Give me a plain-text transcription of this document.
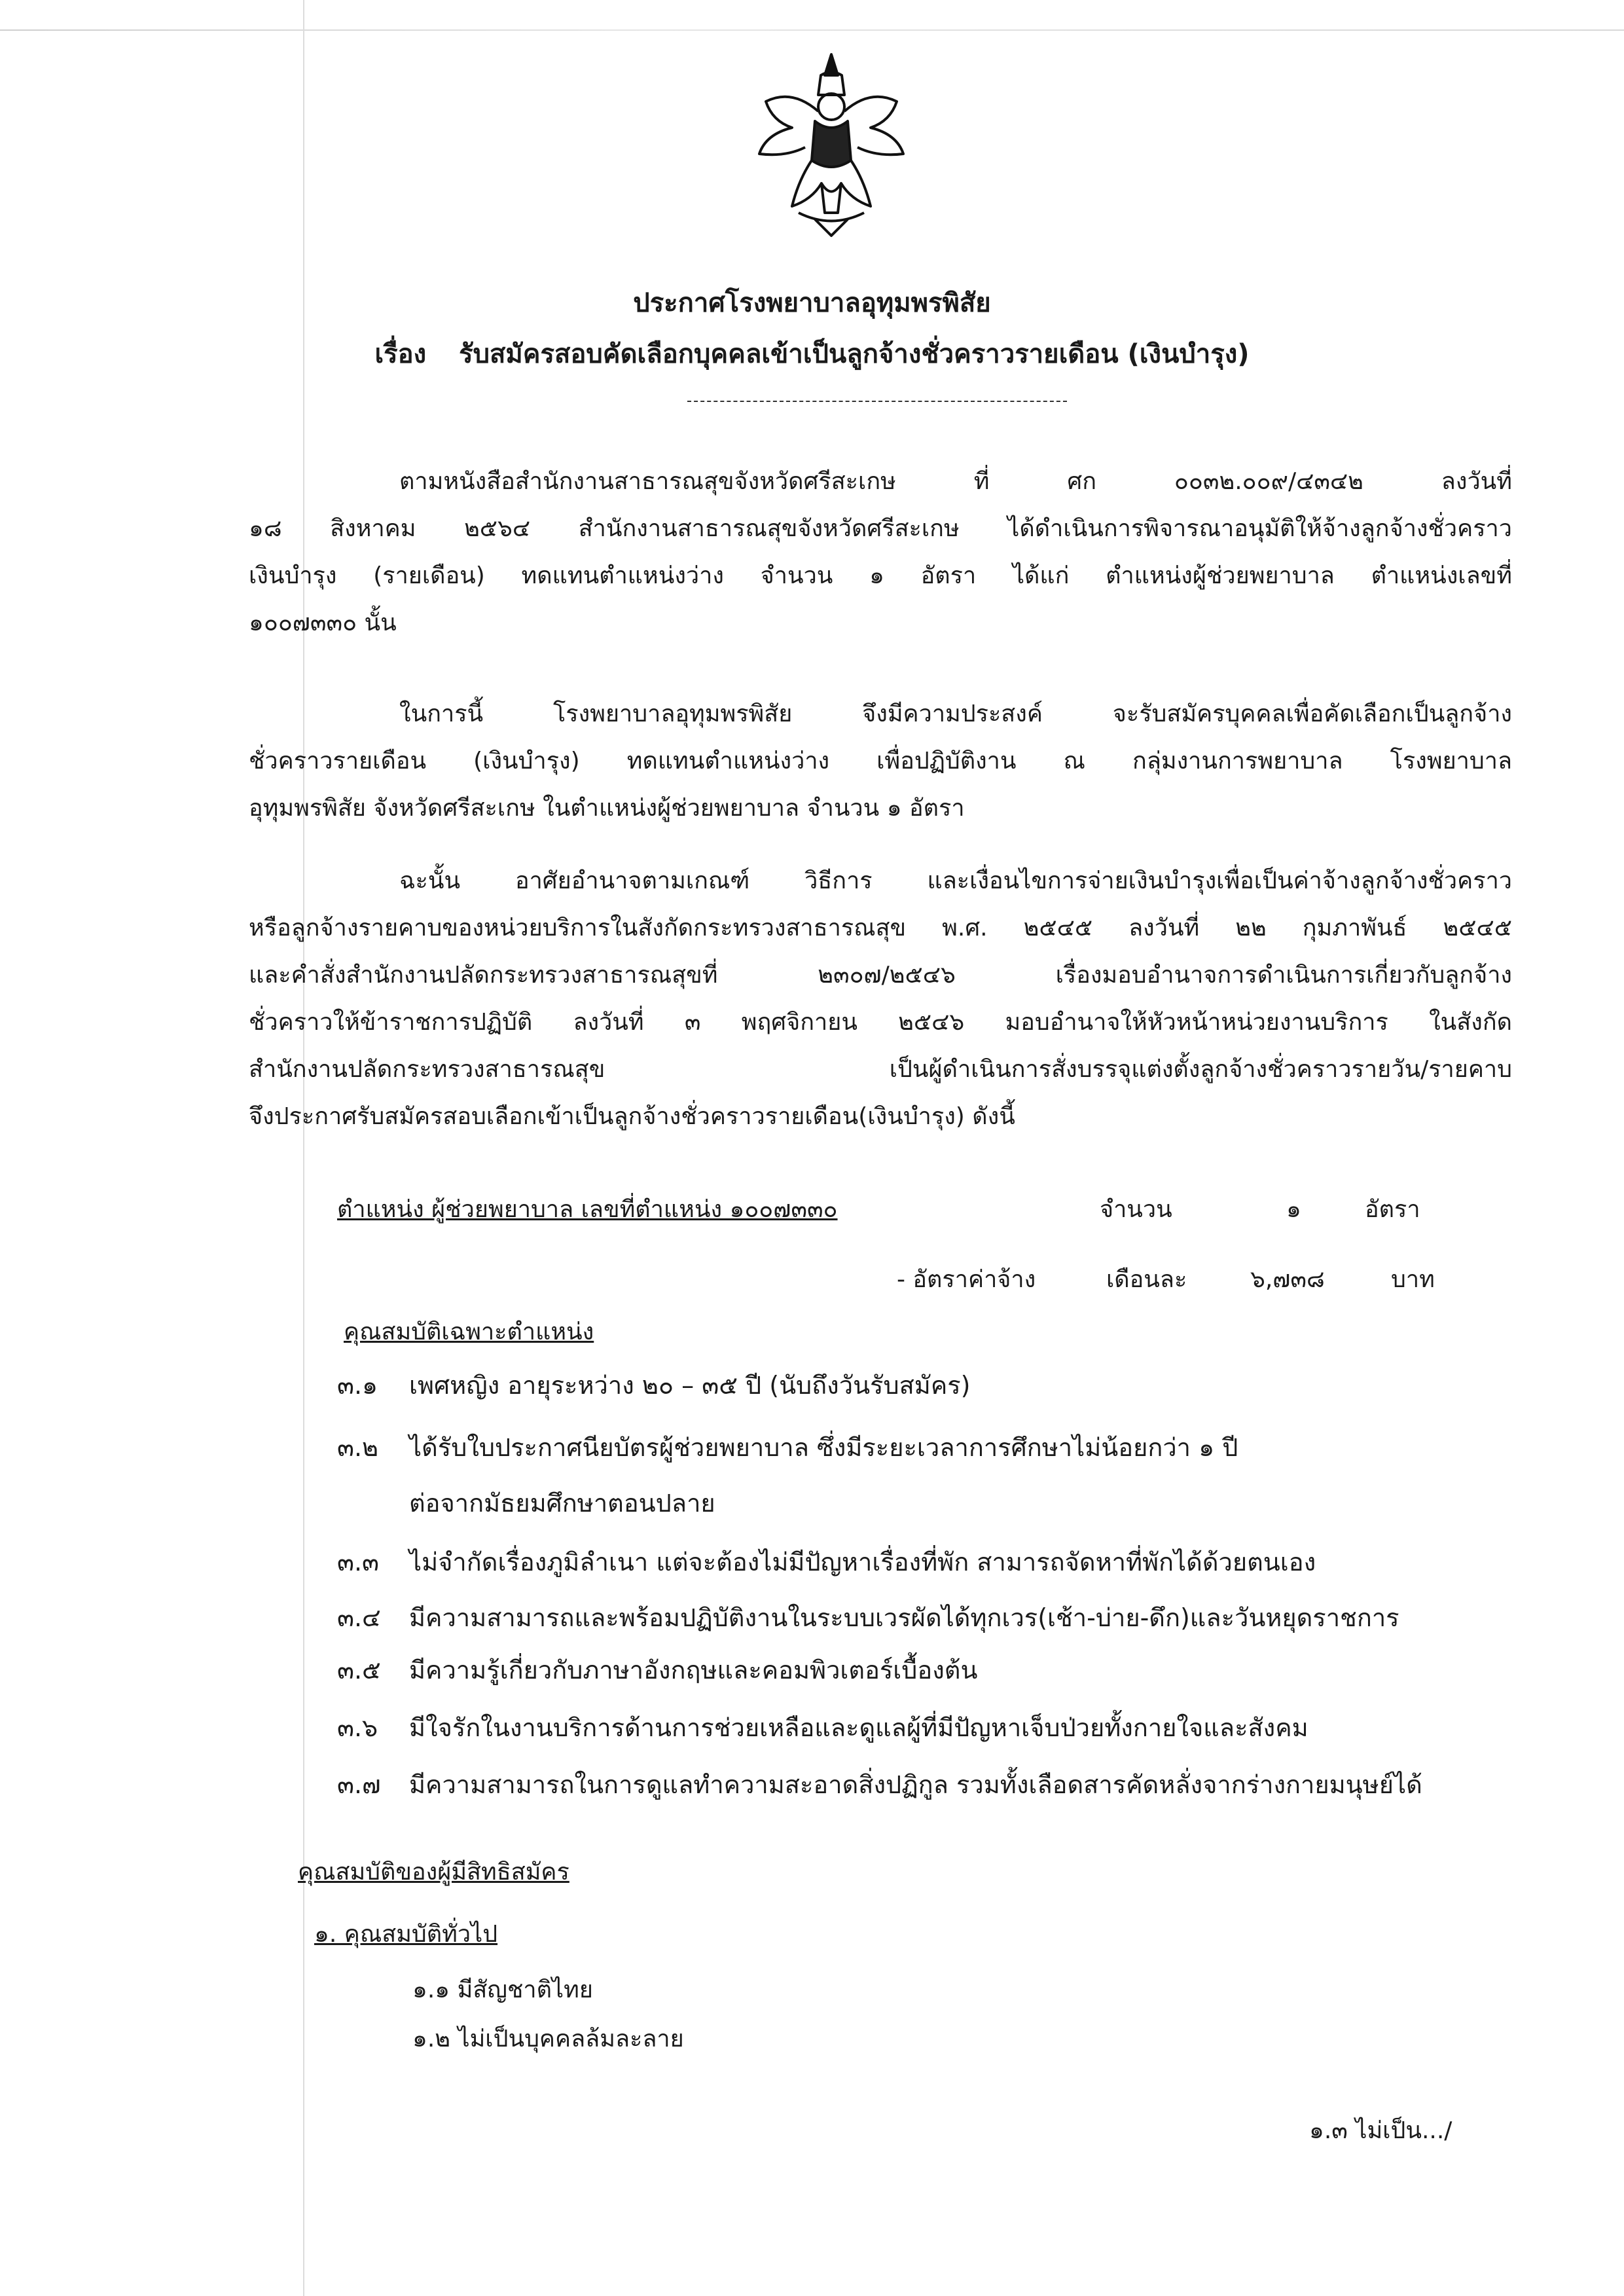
ประกาศโรงพยาบาลอุทุมพรพิสัย
เรื่อง รับสมัครสอบคัดเลือกบุคคลเข้าเป็นลูกจ้างชั่วคราวรายเดือน (เงินบำรุง)
ตามหนังสือสำนักงานสาธารณสุขจังหวัดศรีสะเกษ ที่ ศก ๐๐๓๒.๐๐๙/๔๓๔๒ ลงวันที่
๑๘ สิงหาคม ๒๕๖๔ สำนักงานสาธารณสุขจังหวัดศรีสะเกษ ได้ดำเนินการพิจารณาอนุมัติให้จ้างลูกจ้างชั่วคราว
เงินบำรุง (รายเดือน) ทดแทนตำแหน่งว่าง จำนวน ๑ อัตรา ได้แก่ ตำแหน่งผู้ช่วยพยาบาล ตำแหน่งเลขที่
๑๐๐๗๓๓๐ นั้น
ในการนี้ โรงพยาบาลอุทุมพรพิสัย จึงมีความประสงค์ จะรับสมัครบุคคลเพื่อคัดเลือกเป็นลูกจ้าง
ชั่วคราวรายเดือน (เงินบำรุง) ทดแทนตำแหน่งว่าง เพื่อปฏิบัติงาน ณ กลุ่มงานการพยาบาล โรงพยาบาล
อุทุมพรพิสัย จังหวัดศรีสะเกษ ในตำแหน่งผู้ช่วยพยาบาล จำนวน ๑ อัตรา
ฉะนั้น อาศัยอำนาจตามเกณฑ์ วิธีการ และเงื่อนไขการจ่ายเงินบำรุงเพื่อเป็นค่าจ้างลูกจ้างชั่วคราว
หรือลูกจ้างรายคาบของหน่วยบริการในสังกัดกระทรวงสาธารณสุข พ.ศ. ๒๕๔๕ ลงวันที่ ๒๒ กุมภาพันธ์ ๒๕๔๕
และคำสั่งสำนักงานปลัดกระทรวงสาธารณสุขที่ ๒๓๐๗/๒๕๔๖ เรื่องมอบอำนาจการดำเนินการเกี่ยวกับลูกจ้าง
ชั่วคราวให้ข้าราชการปฏิบัติ ลงวันที่ ๓ พฤศจิกายน ๒๕๔๖ มอบอำนาจให้หัวหน้าหน่วยงานบริการ ในสังกัด
สำนักงานปลัดกระทรวงสาธารณสุข เป็นผู้ดำเนินการสั่งบรรจุแต่งตั้งลูกจ้างชั่วคราวรายวัน/รายคาบ
จึงประกาศรับสมัครสอบเลือกเข้าเป็นลูกจ้างชั่วคราวรายเดือน(เงินบำรุง) ดังนี้
ตำแหน่ง ผู้ช่วยพยาบาล เลขที่ตำแหน่ง ๑๐๐๗๓๓๐	จำนวน	๑	อัตรา
- อัตราค่าจ้าง	เดือนละ	๖,๗๓๘	บาท
คุณสมบัติเฉพาะตำแหน่ง
๓.๑ เพศหญิง อายุระหว่าง ๒๐ – ๓๕ ปี (นับถึงวันรับสมัคร)
๓.๒ ได้รับใบประกาศนียบัตรผู้ช่วยพยาบาล ซึ่งมีระยะเวลาการศึกษาไม่น้อยกว่า ๑ ปี
ต่อจากมัธยมศึกษาตอนปลาย
๓.๓ ไม่จำกัดเรื่องภูมิลำเนา แต่จะต้องไม่มีปัญหาเรื่องที่พัก สามารถจัดหาที่พักได้ด้วยตนเอง
๓.๔ มีความสามารถและพร้อมปฏิบัติงานในระบบเวรผัดได้ทุกเวร(เช้า-บ่าย-ดึก)และวันหยุดราชการ
๓.๕ มีความรู้เกี่ยวกับภาษาอังกฤษและคอมพิวเตอร์เบื้องต้น
๓.๖ มีใจรักในงานบริการด้านการช่วยเหลือและดูแลผู้ที่มีปัญหาเจ็บป่วยทั้งกายใจและสังคม
๓.๗ มีความสามารถในการดูแลทำความสะอาดสิ่งปฏิกูล รวมทั้งเลือดสารคัดหลั่งจากร่างกายมนุษย์ได้
คุณสมบัติของผู้มีสิทธิสมัคร
๑. คุณสมบัติทั่วไป
๑.๑ มีสัญชาติไทย
๑.๒ ไม่เป็นบุคคลล้มละลาย
๑.๓ ไม่เป็น.../
